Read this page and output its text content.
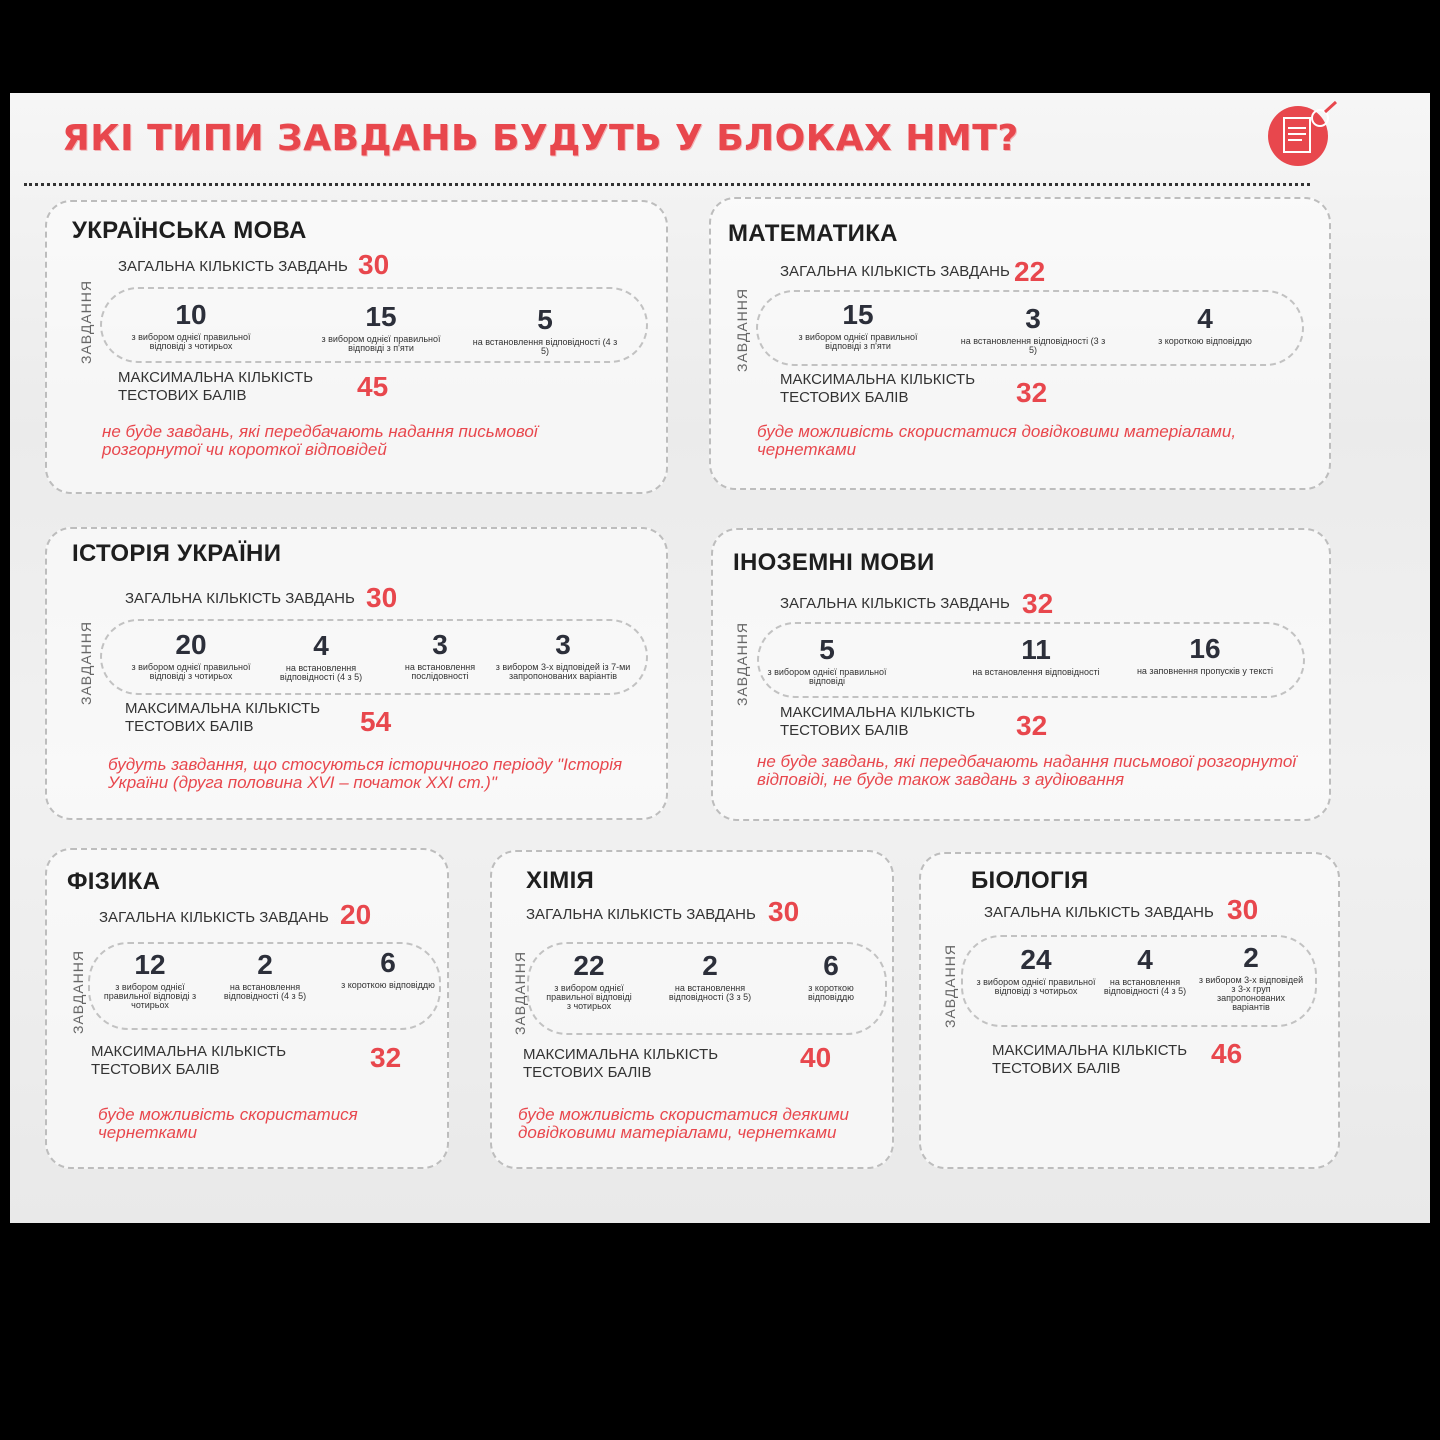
ЯКІ ТИПИ ЗАВДАНЬ БУДУТЬ У БЛОКАХ НМТ?
УКРАЇНСЬКА МОВА
ЗАГАЛЬНА КІЛЬКІСТЬ ЗАВДАНЬ 30
ЗАВДАННЯ	10
з вибором однієї правильної відповіді з чотирьох
15
з вибором однієї правильної відповіді з п'яти
5
на встановлення відповідності (4 з 5)
МАКСИМАЛЬНА КІЛЬКІСТЬ
ТЕСТОВИХ БАЛІВ	45
не буде завдань, які передбачають надання письмової розгорнутої чи короткої відповідей
МАТЕМАТИКА
ЗАГАЛЬНА КІЛЬКІСТЬ ЗАВДАНЬ 22
ЗАВДАННЯ	15
з вибором однієї правильної відповіді з п'яти
3
на встановлення відповідності (3 з 5)
4
з короткою відповіддю
МАКСИМАЛЬНА КІЛЬКІСТЬ
ТЕСТОВИХ БАЛІВ	32
буде можливість скористатися довідковими матеріалами, чернетками
ІСТОРІЯ УКРАЇНИ
ЗАГАЛЬНА КІЛЬКІСТЬ ЗАВДАНЬ 30
ЗАВДАННЯ	20
з вибором однієї правильної відповіді з чотирьох
4
на встановлення відповідності (4 з 5)
3
на встановлення послідовності
3
з вибором 3-х відповідей із 7-ми запропонованих варіантів
МАКСИМАЛЬНА КІЛЬКІСТЬ
ТЕСТОВИХ БАЛІВ	54
будуть завдання, що стосуються історичного періоду "Історія України (друга половина XVI – початок XXI ст.)"
ІНОЗЕМНІ МОВИ
ЗАГАЛЬНА КІЛЬКІСТЬ ЗАВДАНЬ 32
ЗАВДАННЯ	5
з вибором однієї правильної відповіді
11
на встановлення відповідності
16
на заповнення пропусків у тексті
МАКСИМАЛЬНА КІЛЬКІСТЬ
ТЕСТОВИХ БАЛІВ	32
не буде завдань, які передбачають надання письмової розгорнутої відповіді, не буде також завдань з аудіювання
ФІЗИКА
ЗАГАЛЬНА КІЛЬКІСТЬ ЗАВДАНЬ 20
ЗАВДАННЯ	12
з вибором однієї правильної відповіді з чотирьох
2
на встановлення відповідності (4 з 5)
6
з короткою відповіддю
МАКСИМАЛЬНА КІЛЬКІСТЬ
ТЕСТОВИХ БАЛІВ	32
буде можливість скористатися чернетками
ХІМІЯ
ЗАГАЛЬНА КІЛЬКІСТЬ ЗАВДАНЬ 30
ЗАВДАННЯ	22
з вибором однієї правильної відповіді з чотирьох
2
на встановлення відповідності (3 з 5)
6
з короткою відповіддю
МАКСИМАЛЬНА КІЛЬКІСТЬ
ТЕСТОВИХ БАЛІВ	40
буде можливість скористатися деякими довідковими матеріалами, чернетками
БІОЛОГІЯ
ЗАГАЛЬНА КІЛЬКІСТЬ ЗАВДАНЬ 30
ЗАВДАННЯ	24
з вибором однієї правильної відповіді з чотирьох
4
на встановлення відповідності (4 з 5)
2
з вибором 3-х відповідей з 3-х груп запропонованих варіантів
МАКСИМАЛЬНА КІЛЬКІСТЬ
ТЕСТОВИХ БАЛІВ	46
